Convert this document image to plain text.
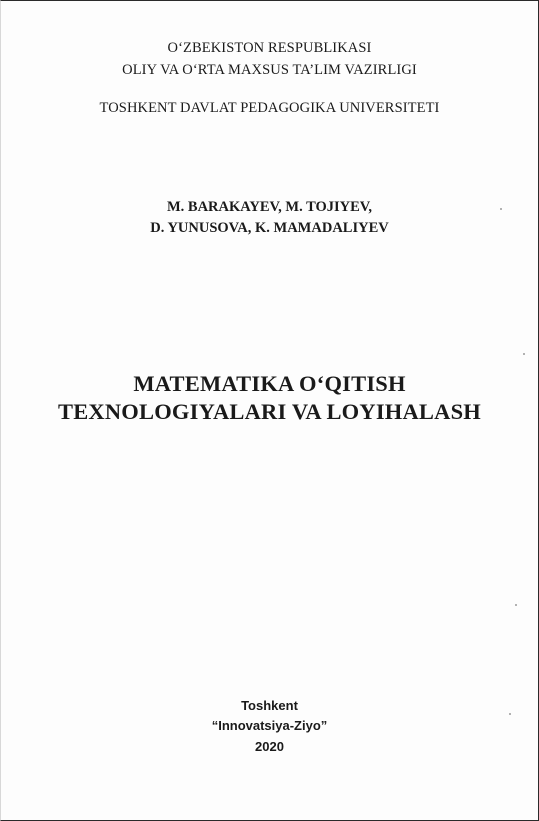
O‘ZBEKISTON RESPUBLIKASI
OLIY VA O‘RTA MAXSUS TA’LIM VAZIRLIGI
TOSHKENT DAVLAT PEDAGOGIKA UNIVERSITETI
M. BARAKAYEV, M. TOJIYEV,
D. YUNUSOVA, K. MAMADALIYEV
MATEMATIKA O‘QITISH
TEXNOLOGIYALARI VA LOYIHALASH
Toshkent
“Innovatsiya-Ziyo”
2020
